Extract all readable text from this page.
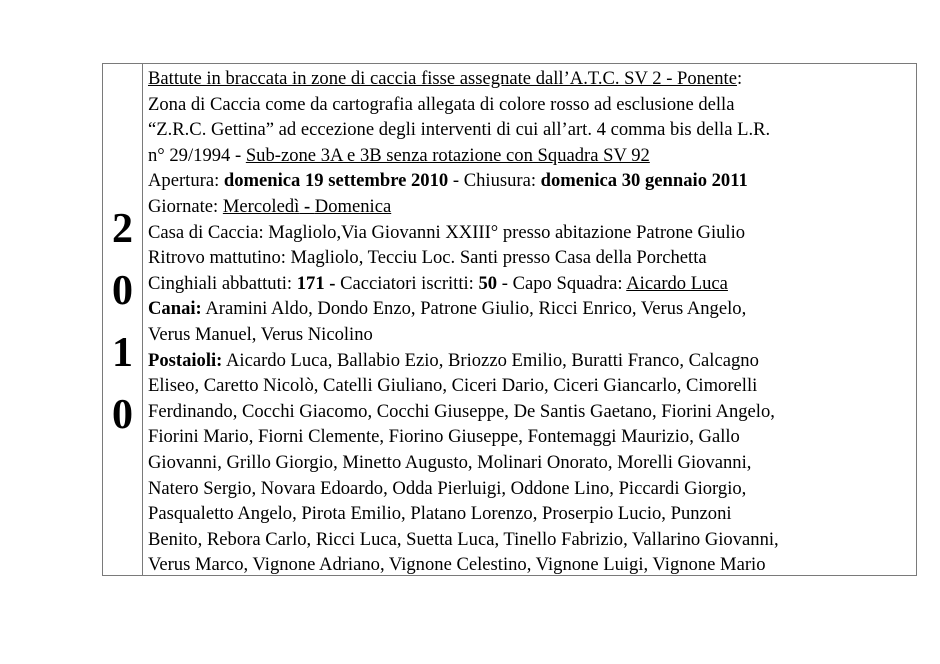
2
0
1
0
Battute in braccata in zone di caccia fisse assegnate dall’A.T.C. SV 2 - Ponente:
Zona di Caccia come da cartografia allegata di colore rosso ad esclusione della
“Z.R.C. Gettina” ad eccezione degli interventi di cui all’art. 4 comma bis della L.R.
n° 29/1994 - Sub-zone 3A e 3B senza rotazione con Squadra SV 92
Apertura: domenica 19 settembre 2010 - Chiusura: domenica 30 gennaio 2011
Giornate: Mercoledì - Domenica
Casa di Caccia: Magliolo,Via Giovanni XXIII° presso abitazione Patrone Giulio
Ritrovo mattutino: Magliolo, Tecciu Loc. Santi presso Casa della Porchetta
Cinghiali abbattuti: 171 - Cacciatori iscritti: 50 - Capo Squadra: Aicardo Luca
Canai: Aramini Aldo, Dondo Enzo, Patrone Giulio, Ricci Enrico, Verus Angelo,
Verus Manuel, Verus Nicolino
Postaioli: Aicardo Luca, Ballabio Ezio, Briozzo Emilio, Buratti Franco, Calcagno
Eliseo, Caretto Nicolò, Catelli Giuliano, Ciceri Dario, Ciceri Giancarlo, Cimorelli
Ferdinando, Cocchi Giacomo, Cocchi Giuseppe, De Santis Gaetano, Fiorini Angelo,
Fiorini Mario, Fiorni Clemente, Fiorino Giuseppe, Fontemaggi Maurizio, Gallo
Giovanni, Grillo Giorgio, Minetto Augusto, Molinari Onorato, Morelli Giovanni,
Natero Sergio, Novara Edoardo, Odda Pierluigi, Oddone Lino, Piccardi Giorgio,
Pasqualetto Angelo, Pirota Emilio, Platano Lorenzo, Proserpio Lucio, Punzoni
Benito, Rebora Carlo, Ricci Luca, Suetta Luca, Tinello Fabrizio, Vallarino Giovanni,
Verus Marco, Vignone Adriano, Vignone Celestino, Vignone Luigi, Vignone Mario
